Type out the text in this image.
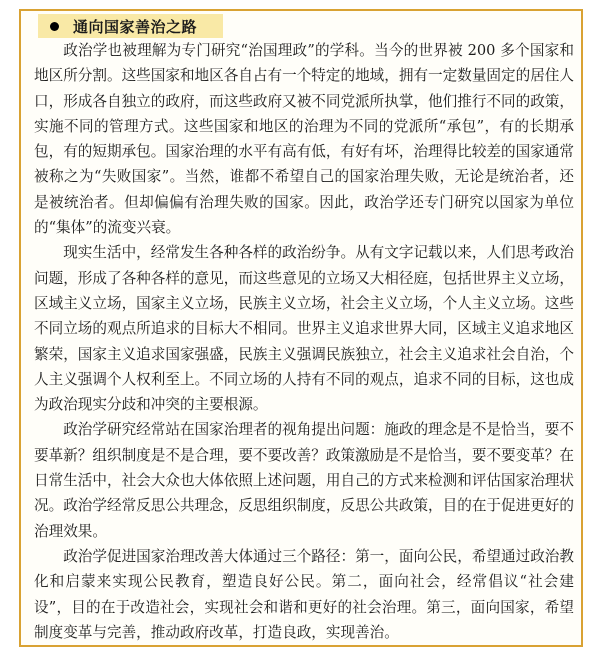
通向国家善治之路

政治学也被理解为专门研究“治国理政”的学科。当今的世界被 200 多个国家和地区所分割。这些国家和地区各自占有一个特定的地域，拥有一定数量固定的居住人口，形成各自独立的政府，而这些政府又被不同党派所执掌，他们推行不同的政策，实施不同的管理方式。这些国家和地区的治理为不同的党派所“承包”，有的长期承包，有的短期承包。国家治理的水平有高有低，有好有坏，治理得比较差的国家通常被称之为“失败国家”。当然，谁都不希望自己的国家治理失败，无论是统治者，还是被统治者。但却偏偏有治理失败的国家。因此，政治学还专门研究以国家为单位的“集体”的流变兴衰。

现实生活中，经常发生各种各样的政治纷争。从有文字记载以来，人们思考政治问题，形成了各种各样的意见，而这些意见的立场又大相径庭，包括世界主义立场，区域主义立场，国家主义立场，民族主义立场，社会主义立场，个人主义立场。这些不同立场的观点所追求的目标大不相同。世界主义追求世界大同，区域主义追求地区繁荣，国家主义追求国家强盛，民族主义强调民族独立，社会主义追求社会自治，个人主义强调个人权利至上。不同立场的人持有不同的观点，追求不同的目标，这也成为政治现实分歧和冲突的主要根源。

政治学研究经常站在国家治理者的视角提出问题：施政的理念是不是恰当，要不要革新？组织制度是不是合理，要不要改善？政策激励是不是恰当，要不要变革？在日常生活中，社会大众也大体依照上述问题，用自己的方式来检测和评估国家治理状况。政治学经常反思公共理念，反思组织制度，反思公共政策，目的在于促进更好的治理效果。

政治学促进国家治理改善大体通过三个路径：第一，面向公民，希望通过政治教化和启蒙来实现公民教育，塑造良好公民。第二，面向社会，经常倡议“社会建设”，目的在于改造社会，实现社会和谐和更好的社会治理。第三，面向国家，希望制度变革与完善，推动政府改革，打造良政，实现善治。
